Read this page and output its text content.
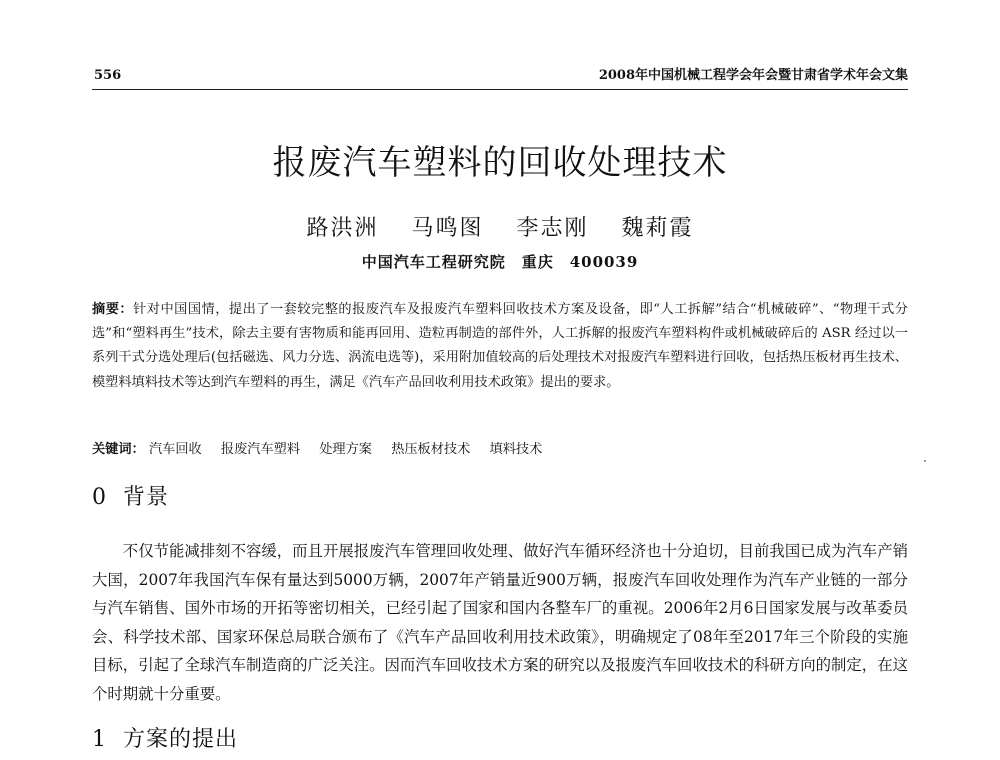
556	2008年中国机械工程学会年会暨甘肃省学术年会文集
报废汽车塑料的回收处理技术
路洪洲 马鸣图 李志刚 魏莉霞
中国汽车工程研究院　重庆　400039
摘要：针对中国国情，提出了一套较完整的报废汽车及报废汽车塑料回收技术方案及设备，即“人工拆解”结合“机械破碎”、“物理干式分选”和“塑料再生”技术，除去主要有害物质和能再回用、造粒再制造的部件外，人工拆解的报废汽车塑料构件或机械破碎后的 ASR 经过以一系列干式分选处理后(包括磁选、风力分选、涡流电选等)，采用附加值较高的后处理技术对报废汽车塑料进行回收，包括热压板材再生技术、模塑料填料技术等达到汽车塑料的再生，满足《汽车产品回收利用技术政策》提出的要求。
关键词： 汽车回收 报废汽车塑料 处理方案 热压板材技术 填料技术
0 背景
不仅节能减排刻不容缓，而且开展报废汽车管理回收处理、做好汽车循环经济也十分迫切，目前我国已成为汽车产销大国，2007年我国汽车保有量达到5000万辆，2007年产销量近900万辆，报废汽车回收处理作为汽车产业链的一部分与汽车销售、国外市场的开拓等密切相关，已经引起了国家和国内各整车厂的重视。2006年2月6日国家发展与改革委员会、科学技术部、国家环保总局联合颁布了《汽车产品回收利用技术政策》，明确规定了08年至2017年三个阶段的实施目标，引起了全球汽车制造商的广泛关注。因而汽车回收技术方案的研究以及报废汽车回收技术的科研方向的制定，在这个时期就十分重要。
1 方案的提出
